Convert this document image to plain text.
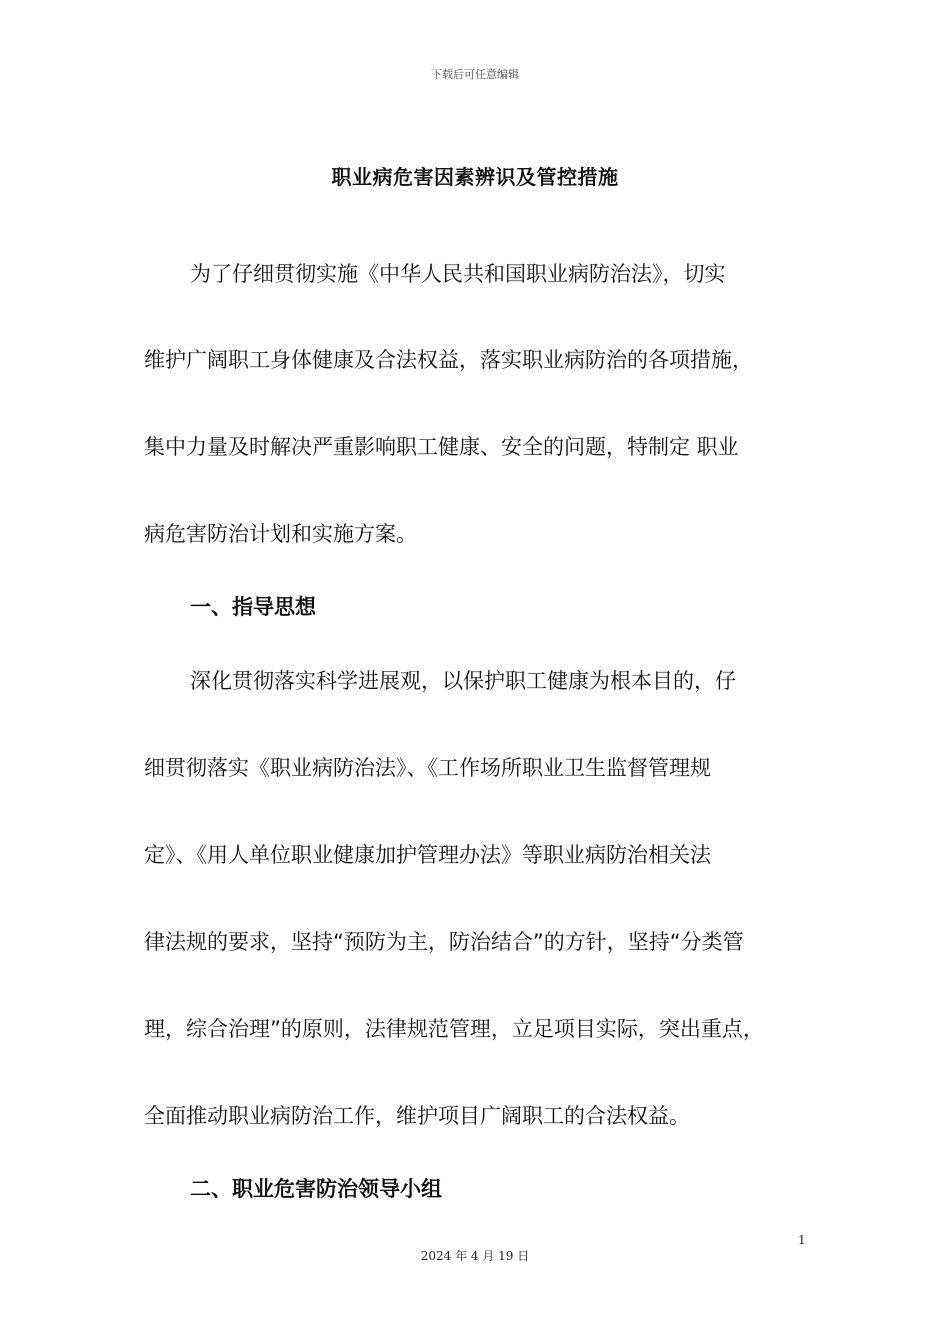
下载后可任意编辑
职业病危害因素辨识及管控措施
为了仔细贯彻实施《中华人民共和国职业病防治法》，切实
维护广阔职工身体健康及合法权益，落实职业病防治的各项措施，
集中力量及时解决严重影响职工健康、安全的问题，特制定 职业
病危害防治计划和实施方案。
一、指导思想
深化贯彻落实科学进展观，以保护职工健康为根本目的，仔
细贯彻落实《职业病防治法》、《工作场所职业卫生监督管理规
定》、《用人单位职业健康加护管理办法》等职业病防治相关法
律法规的要求，坚持“预防为主，防治结合”的方针，坚持“分类管
理，综合治理”的原则，法律规范管理，立足项目实际，突出重点，
全面推动职业病防治工作，维护项目广阔职工的合法权益。
二、职业危害防治领导小组
1
2024 年 4 月 19 日
